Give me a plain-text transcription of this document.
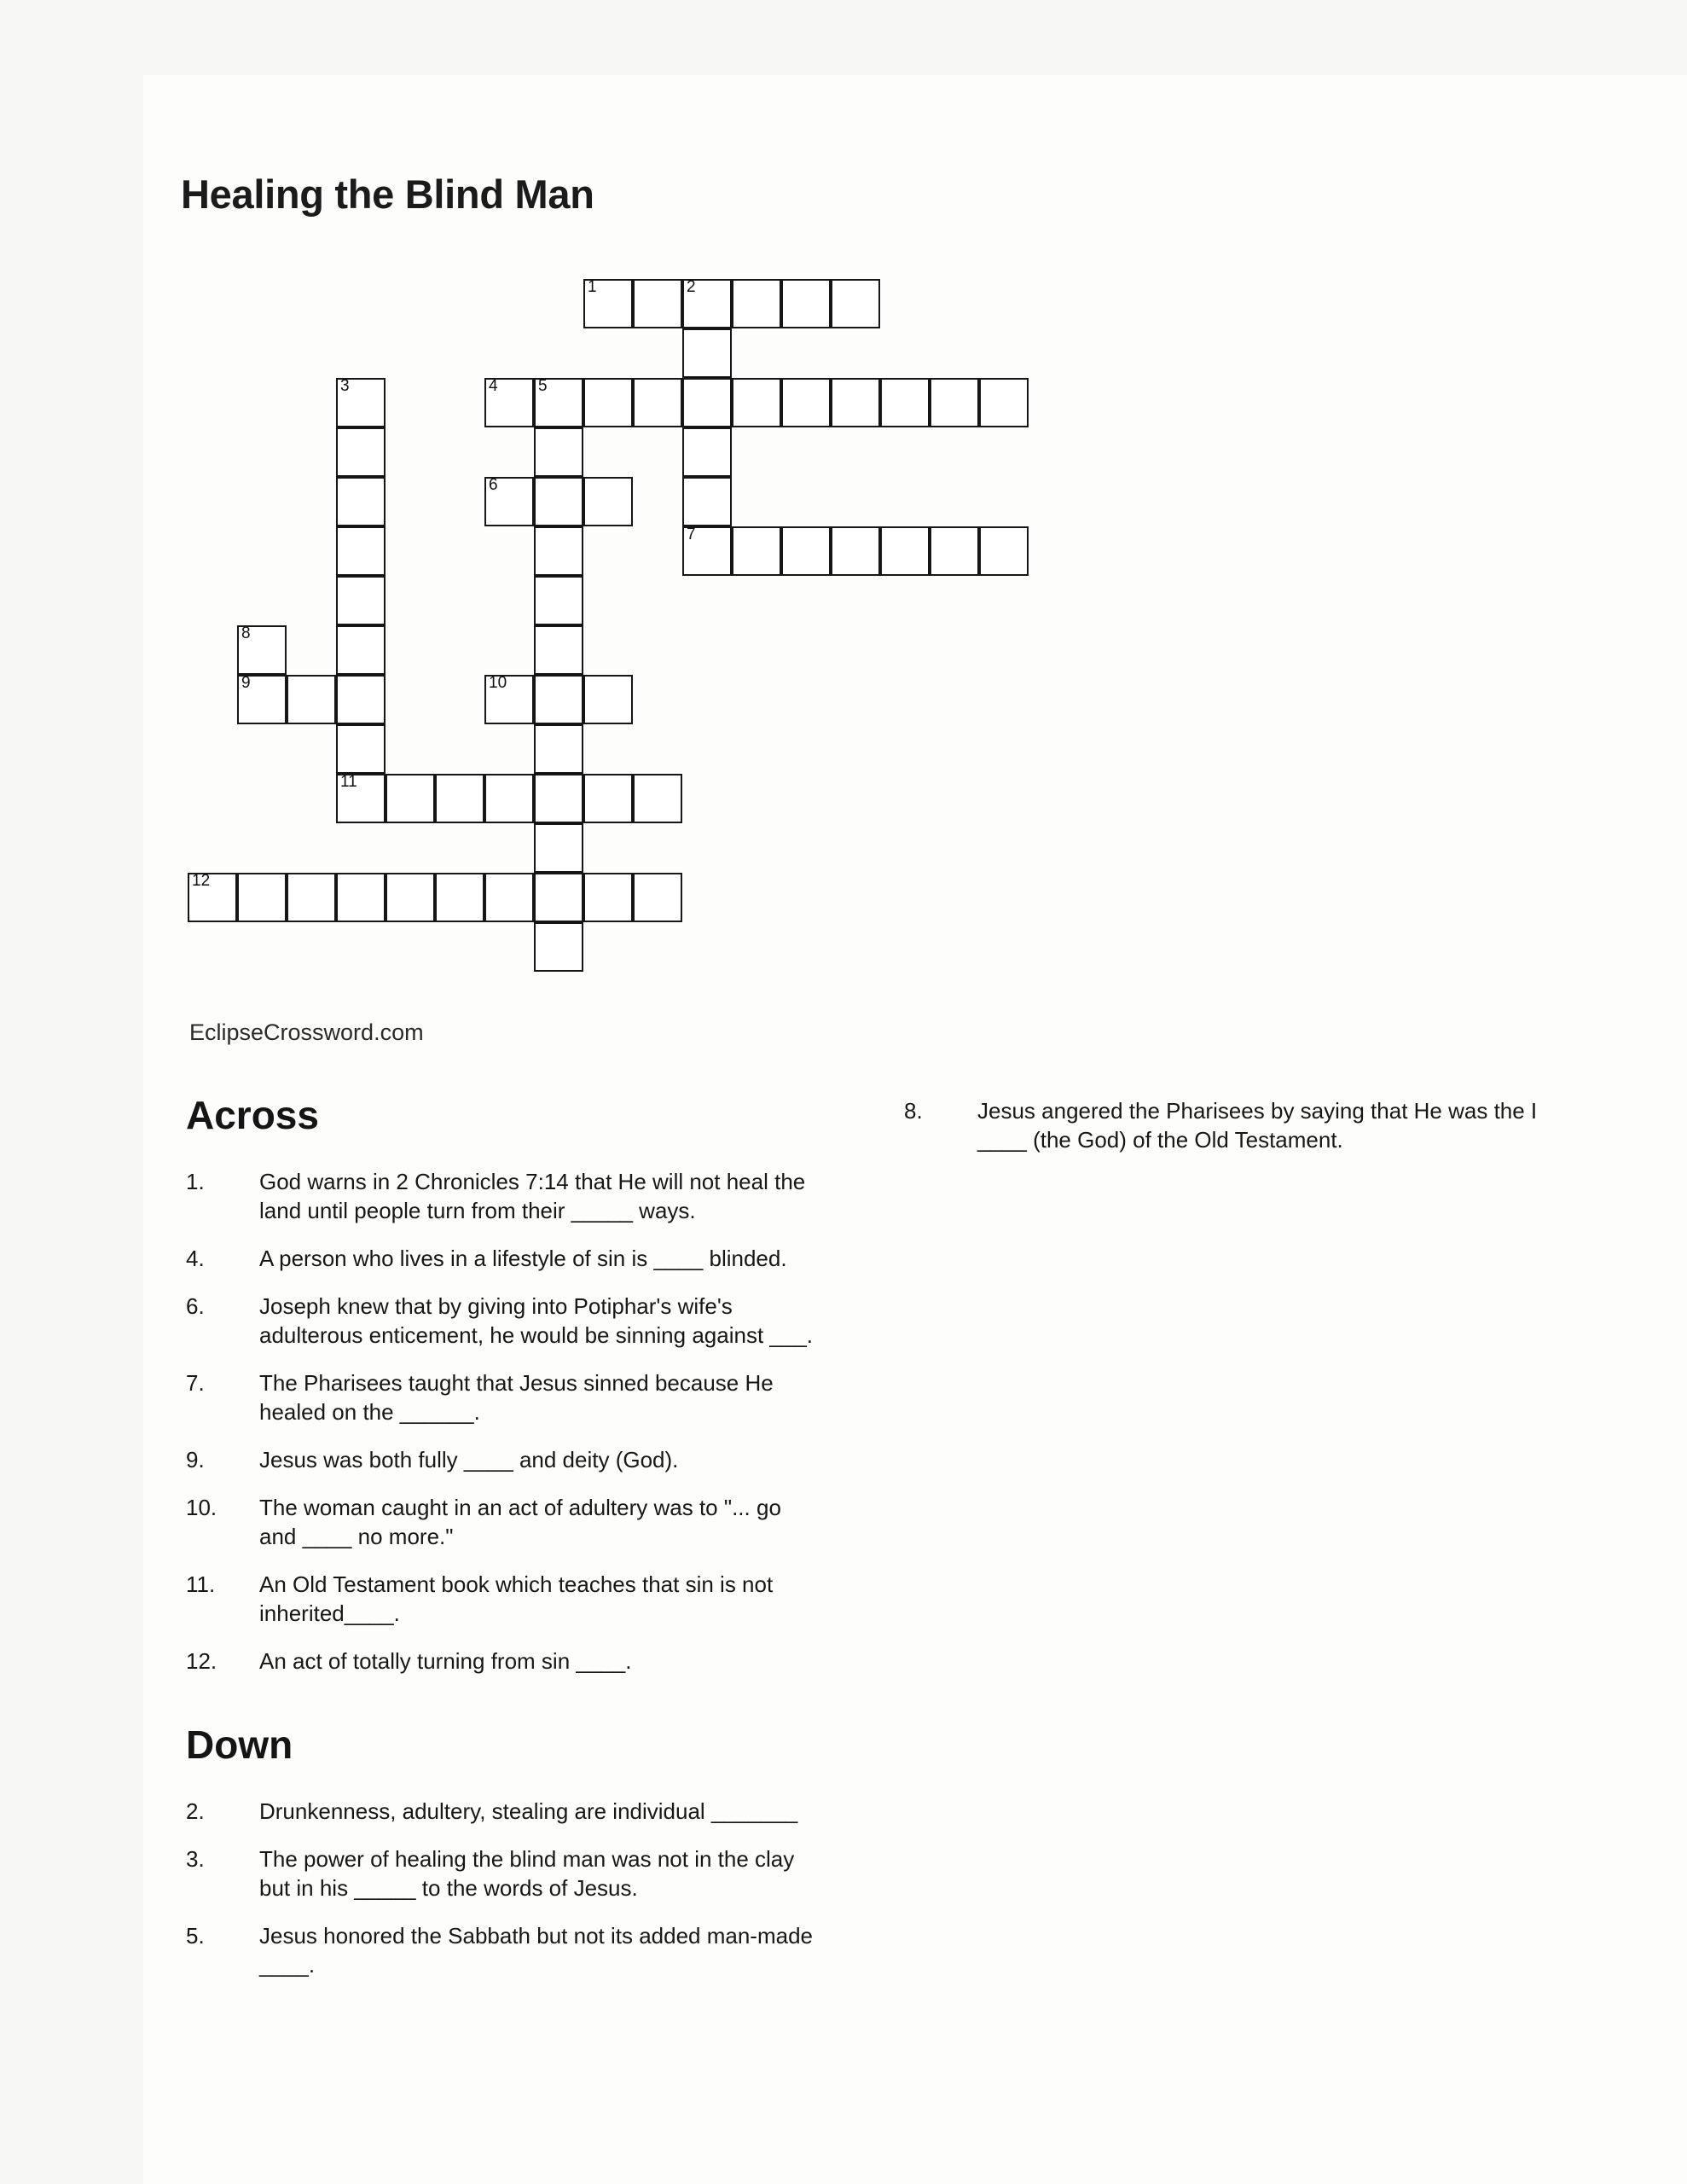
Healing the Blind Man
1	2
3	4 5
6
7
8
9	10
11
12
EclipseCrossword.com
Across
1.	God warns in 2 Chronicles 7:14 that He will not heal the land until people turn from their _____ ways.
4.	A person who lives in a lifestyle of sin is ____ blinded.
6.	Joseph knew that by giving into Potiphar's wife's adulterous enticement, he would be sinning against ___.
7.	The Pharisees taught that Jesus sinned because He healed on the ______.
9.	Jesus was both fully ____ and deity (God).
10.	The woman caught in an act of adultery was to "... go and ____ no more."
11.	An Old Testament book which teaches that sin is not inherited____.
12.	An act of totally turning from sin ____.
Down
2.	Drunkenness, adultery, stealing are individual _______
3.	The power of healing the blind man was not in the clay but in his _____ to the words of Jesus.
5.	Jesus honored the Sabbath but not its added man-made ____.
8.	Jesus angered the Pharisees by saying that He was the I ____ (the God) of the Old Testament.
